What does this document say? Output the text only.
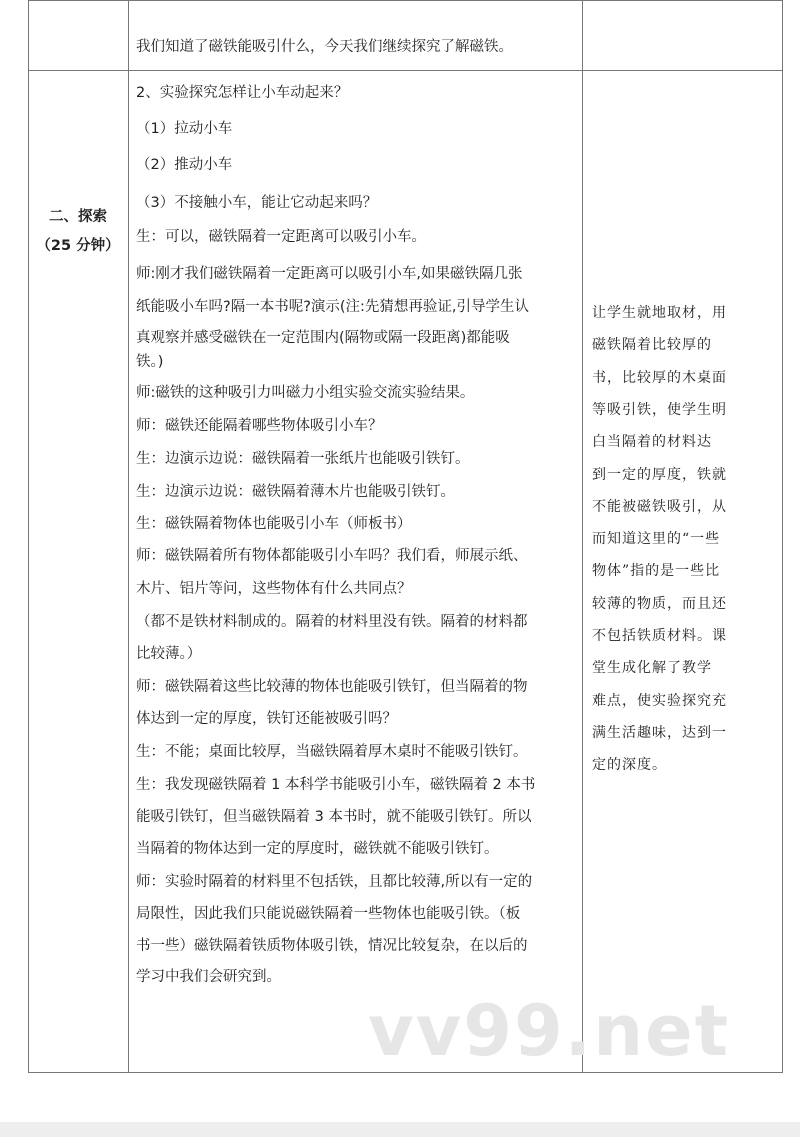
我们知道了磁铁能吸引什么，今天我们继续探究了解磁铁。
二、探索
（25 分钟）
2、实验探究怎样让小车动起来？
（1）拉动小车
（2）推动小车
（3）不接触小车，能让它动起来吗？
生：可以，磁铁隔着一定距离可以吸引小车。
师:刚才我们磁铁隔着一定距离可以吸引小车,如果磁铁隔几张
纸能吸小车吗?隔一本书呢?演示(注:先猜想再验证,引导学生认
真观察并感受磁铁在一定范围内(隔物或隔一段距离)都能吸
铁。)
师:磁铁的这种吸引力叫磁力小组实验交流实验结果。
师：磁铁还能隔着哪些物体吸引小车？
生：边演示边说：磁铁隔着一张纸片也能吸引铁钉。
生：边演示边说：磁铁隔着薄木片也能吸引铁钉。
生：磁铁隔着物体也能吸引小车（师板书）
师：磁铁隔着所有物体都能吸引小车吗？我们看，师展示纸、
木片、铝片等问，这些物体有什么共同点？
（都不是铁材料制成的。隔着的材料里没有铁。隔着的材料都
比较薄。）
师：磁铁隔着这些比较薄的物体也能吸引铁钉，但当隔着的物
体达到一定的厚度，铁钉还能被吸引吗？
生：不能；桌面比较厚，当磁铁隔着厚木桌时不能吸引铁钉。
生：我发现磁铁隔着 1 本科学书能吸引小车，磁铁隔着 2 本书
能吸引铁钉，但当磁铁隔着 3 本书时，就不能吸引铁钉。所以
当隔着的物体达到一定的厚度时，磁铁就不能吸引铁钉。
师：实验时隔着的材料里不包括铁，且都比较薄,所以有一定的
局限性，因此我们只能说磁铁隔着一些物体也能吸引铁。（板
书一些）磁铁隔着铁质物体吸引铁，情况比较复杂，在以后的
学习中我们会研究到。
让学生就地取材，用
磁铁隔着比较厚的
书，比较厚的木桌面
等吸引铁，使学生明
白当隔着的材料达
到一定的厚度，铁就
不能被磁铁吸引，从
而知道这里的“一些
物体”指的是一些比
较薄的物质，而且还
不包括铁质材料。课
堂生成化解了教学
难点，使实验探究充
满生活趣味，达到一
定的深度。
vv99.net
